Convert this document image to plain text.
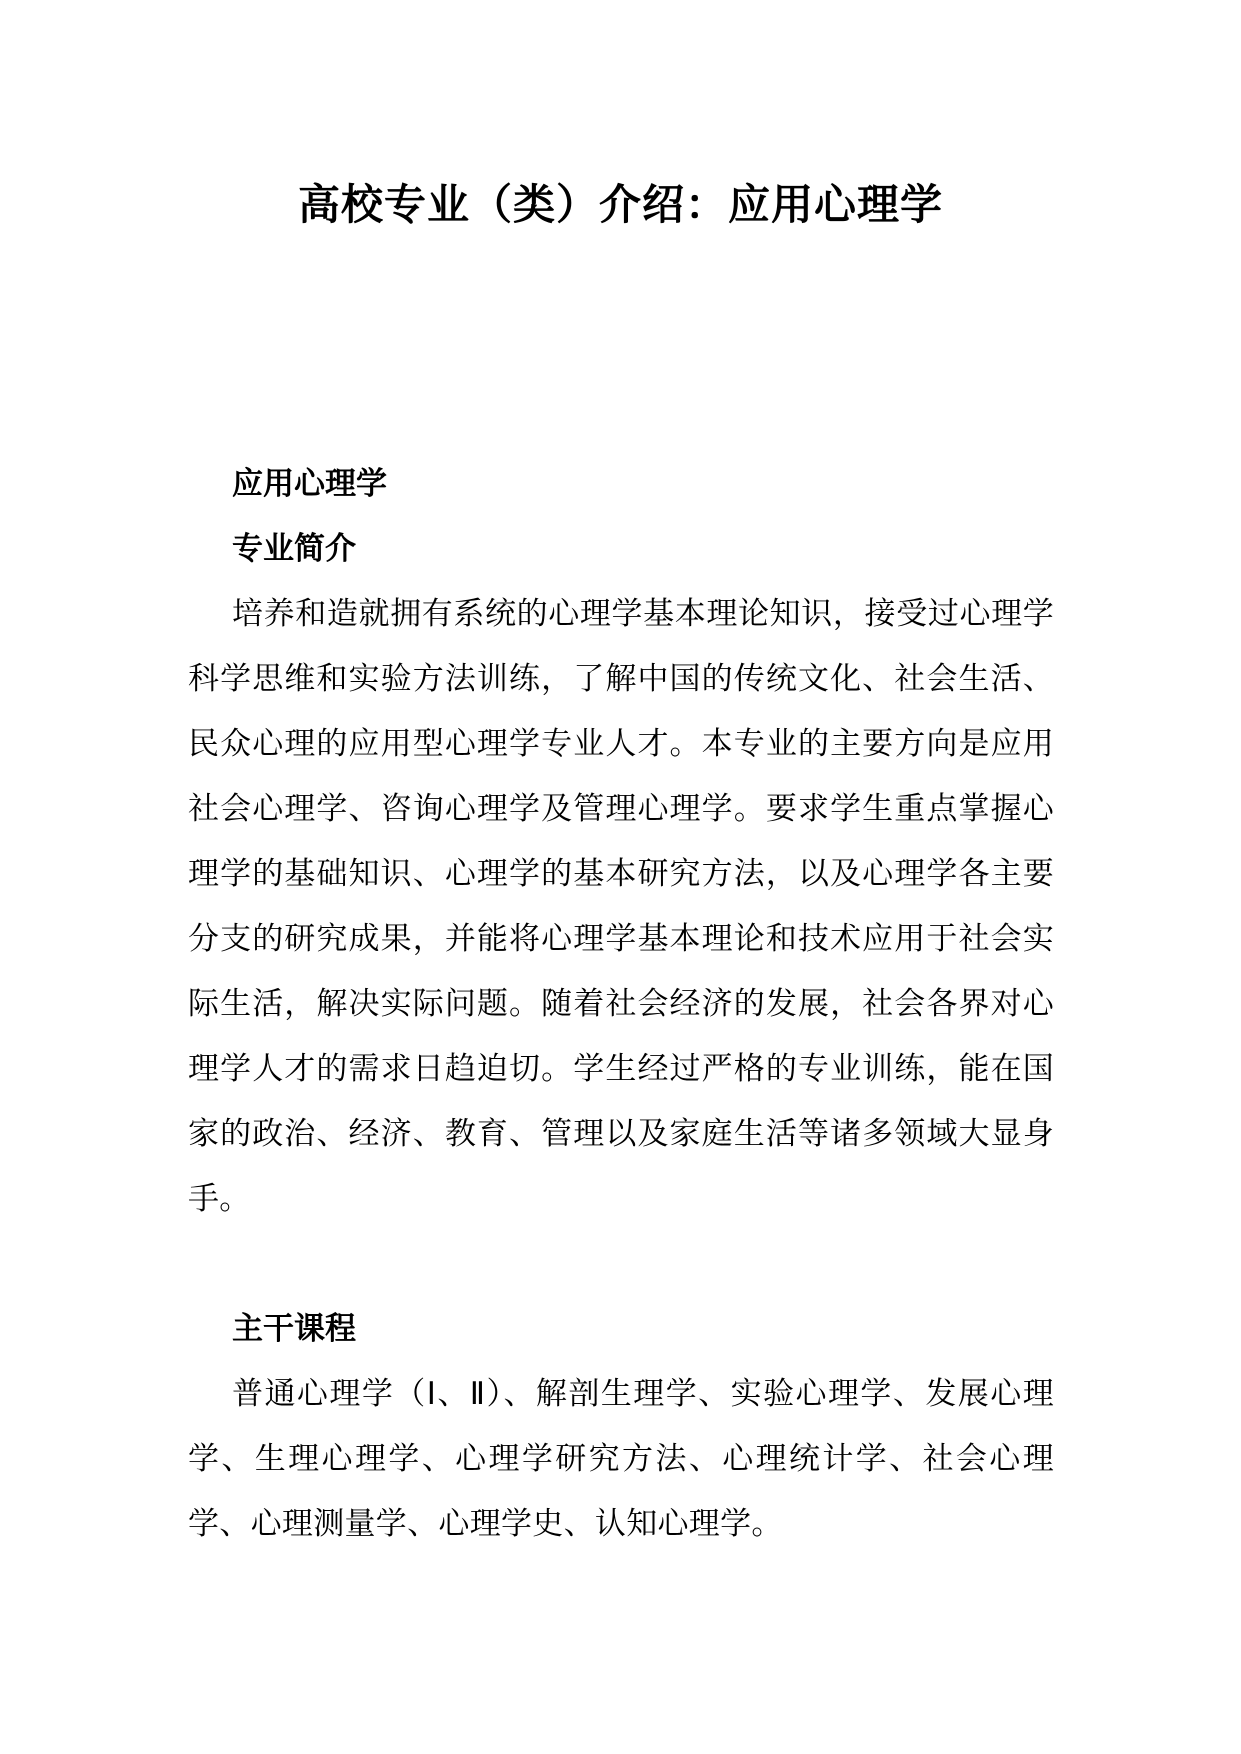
高校专业（类）介绍：应用心理学

应用心理学

专业简介

培养和造就拥有系统的心理学基本理论知识，接受过心理学科学思维和实验方法训练，了解中国的传统文化、社会生活、民众心理的应用型心理学专业人才。本专业的主要方向是应用社会心理学、咨询心理学及管理心理学。要求学生重点掌握心理学的基础知识、心理学的基本研究方法，以及心理学各主要分支的研究成果，并能将心理学基本理论和技术应用于社会实际生活，解决实际问题。随着社会经济的发展，社会各界对心理学人才的需求日趋迫切。学生经过严格的专业训练，能在国家的政治、经济、教育、管理以及家庭生活等诸多领域大显身手。

主干课程

普通心理学（Ⅰ、Ⅱ）、解剖生理学、实验心理学、发展心理学、生理心理学、心理学研究方法、心理统计学、社会心理学、心理测量学、心理学史、认知心理学。
